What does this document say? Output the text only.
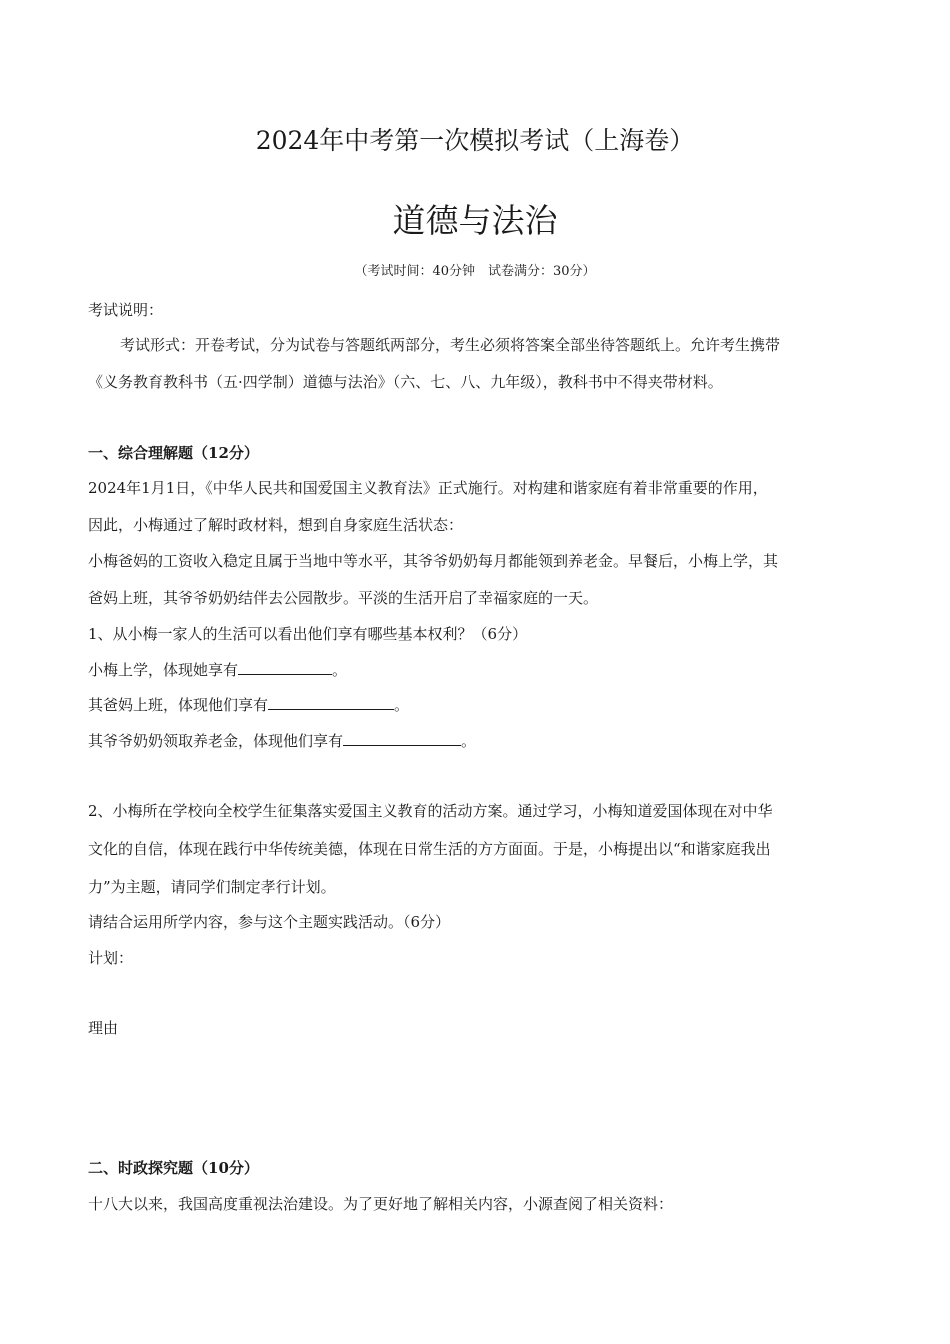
2024年中考第一次模拟考试（上海卷）
道德与法治
（考试时间：40分钟　试卷满分：30分）
考试说明：
考试形式：开卷考试，分为试卷与答题纸两部分，考生必须将答案全部坐待答题纸上。允许考生携带
《义务教育教科书（五·四学制）道德与法治》（六、七、八、九年级），教科书中不得夹带材料。
一、综合理解题（12分）
2024年1月1日，《中华人民共和国爱国主义教育法》正式施行。对构建和谐家庭有着非常重要的作用，
因此，小梅通过了解时政材料，想到自身家庭生活状态：
小梅爸妈的工资收入稳定且属于当地中等水平，其爷爷奶奶每月都能领到养老金。早餐后，小梅上学，其
爸妈上班，其爷爷奶奶结伴去公园散步。平淡的生活开启了幸福家庭的一天。
1、从小梅一家人的生活可以看出他们享有哪些基本权利？（6分）
小梅上学，体现她享有	。
其爸妈上班，体现他们享有	。
其爷爷奶奶领取养老金，体现他们享有	。
2、小梅所在学校向全校学生征集落实爱国主义教育的活动方案。通过学习，小梅知道爱国体现在对中华
文化的自信，体现在践行中华传统美德，体现在日常生活的方方面面。于是，小梅提出以“和谐家庭我出
力”为主题，请同学们制定孝行计划。
请结合运用所学内容，参与这个主题实践活动。（6分）
计划：
理由
二、时政探究题（10分）
十八大以来，我国高度重视法治建设。为了更好地了解相关内容，小源查阅了相关资料：
